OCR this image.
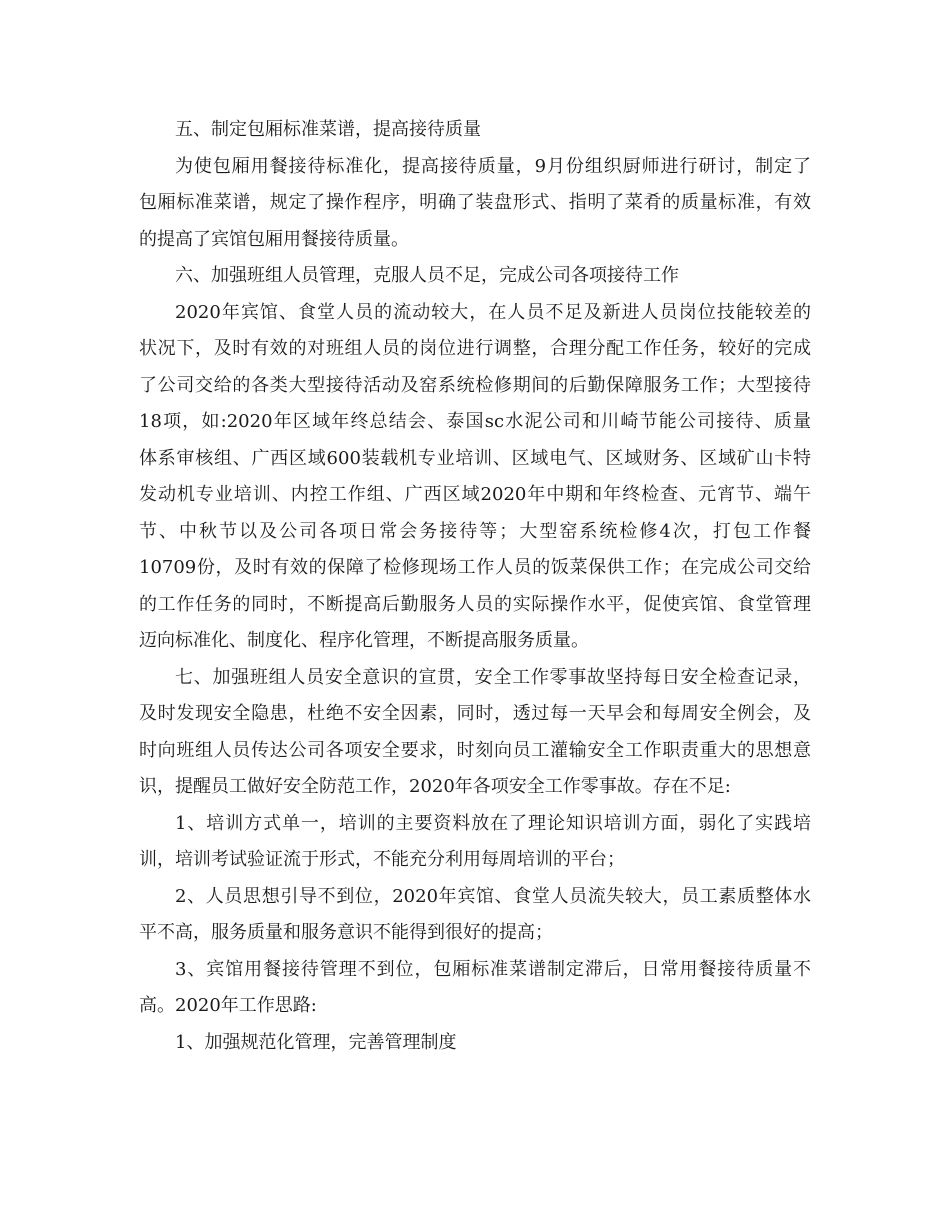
五、制定包厢标准菜谱，提高接待质量
为使包厢用餐接待标准化，提高接待质量，9月份组织厨师进行研讨，制定了
包厢标准菜谱，规定了操作程序，明确了装盘形式、指明了菜肴的质量标准，有效
的提高了宾馆包厢用餐接待质量。
六、加强班组人员管理，克服人员不足，完成公司各项接待工作
2020年宾馆、食堂人员的流动较大，在人员不足及新进人员岗位技能较差的
状况下，及时有效的对班组人员的岗位进行调整，合理分配工作任务，较好的完成
了公司交给的各类大型接待活动及窑系统检修期间的后勤保障服务工作；大型接待
18项，如:2020年区域年终总结会、泰国sc水泥公司和川崎节能公司接待、质量
体系审核组、广西区域600装载机专业培训、区域电气、区域财务、区域矿山卡特
发动机专业培训、内控工作组、广西区域2020年中期和年终检查、元宵节、端午
节、中秋节以及公司各项日常会务接待等；大型窑系统检修4次，打包工作餐
10709份，及时有效的保障了检修现场工作人员的饭菜保供工作；在完成公司交给
的工作任务的同时，不断提高后勤服务人员的实际操作水平，促使宾馆、食堂管理
迈向标准化、制度化、程序化管理，不断提高服务质量。
七、加强班组人员安全意识的宣贯，安全工作零事故坚持每日安全检查记录，
及时发现安全隐患，杜绝不安全因素，同时，透过每一天早会和每周安全例会，及
时向班组人员传达公司各项安全要求，时刻向员工灌输安全工作职责重大的思想意
识，提醒员工做好安全防范工作，2020年各项安全工作零事故。存在不足:
1、培训方式单一，培训的主要资料放在了理论知识培训方面，弱化了实践培
训，培训考试验证流于形式，不能充分利用每周培训的平台；
2、人员思想引导不到位，2020年宾馆、食堂人员流失较大，员工素质整体水
平不高，服务质量和服务意识不能得到很好的提高；
3、宾馆用餐接待管理不到位，包厢标准菜谱制定滞后，日常用餐接待质量不
高。2020年工作思路:
1、加强规范化管理，完善管理制度
